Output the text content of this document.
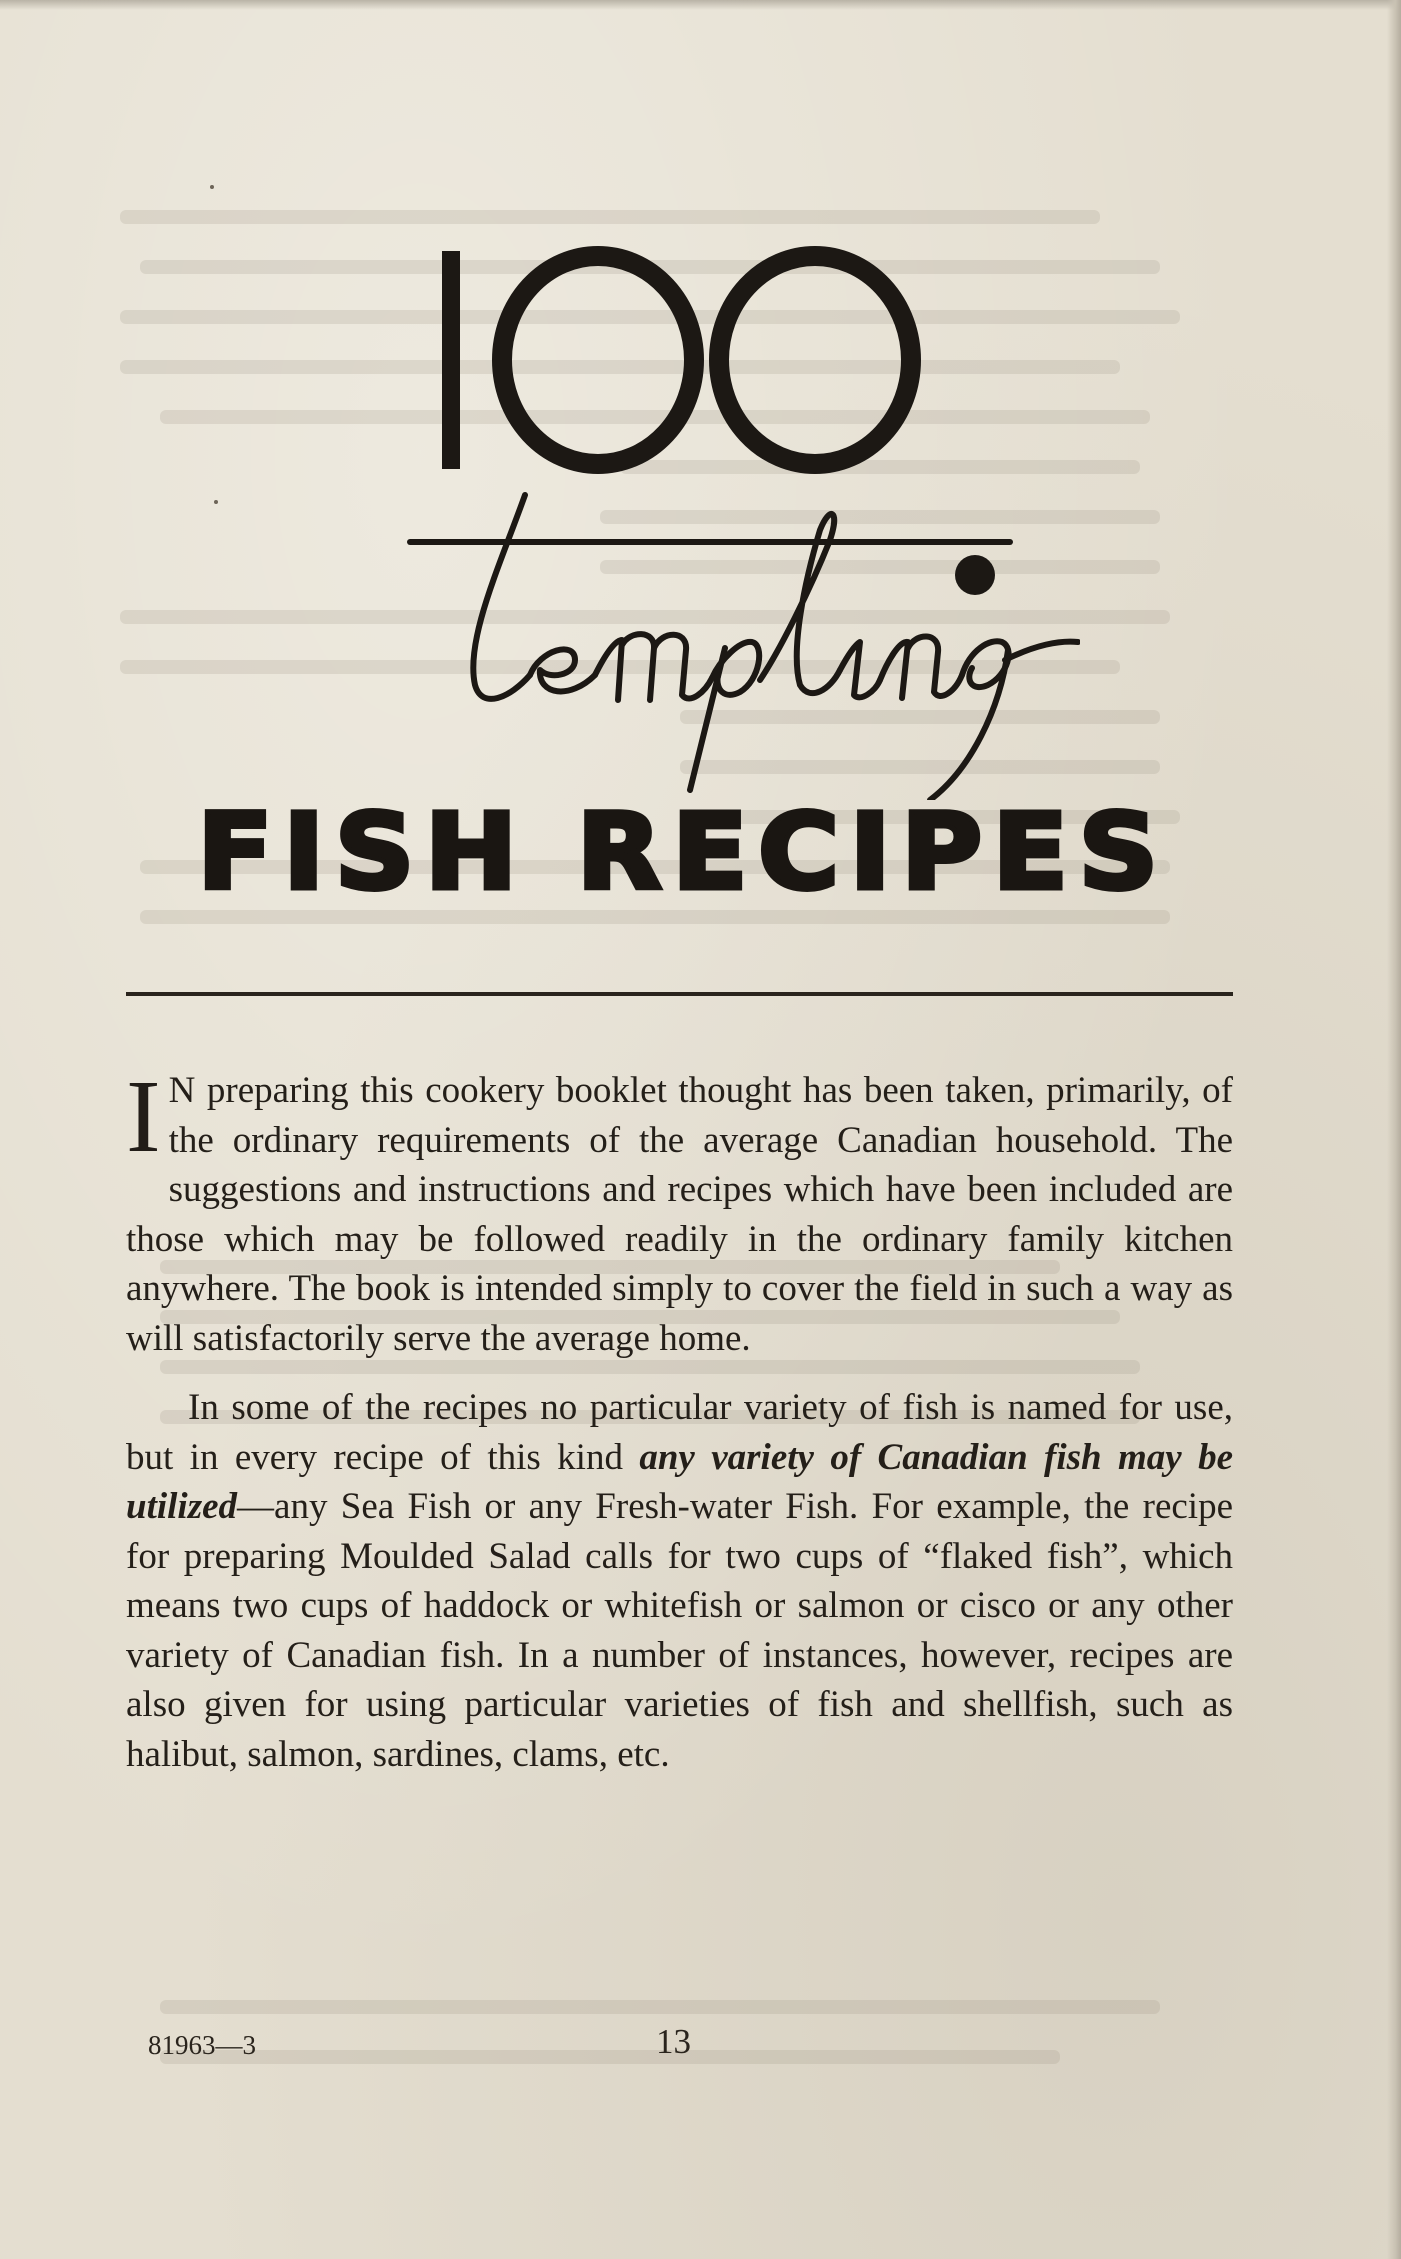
FISH RECIPES

I N preparing this cookery booklet thought has been taken, primarily, of the ordinary requirements of the average Canadian household. The suggestions and instructions and recipes which have been included are those which may be followed readily in the ordinary family kitchen anywhere. The book is intended simply to cover the field in such a way as will satisfactorily serve the average home.

In some of the recipes no particular variety of fish is named for use, but in every recipe of this kind any variety of Canadian fish may be utilized—any Sea Fish or any Fresh-water Fish. For example, the recipe for preparing Moulded Salad calls for two cups of “flaked fish”, which means two cups of haddock or whitefish or salmon or cisco or any other variety of Canadian fish. In a number of instances, however, recipes are also given for using particular varieties of fish and shellfish, such as halibut, salmon, sardines, clams, etc.

81963—3	13
